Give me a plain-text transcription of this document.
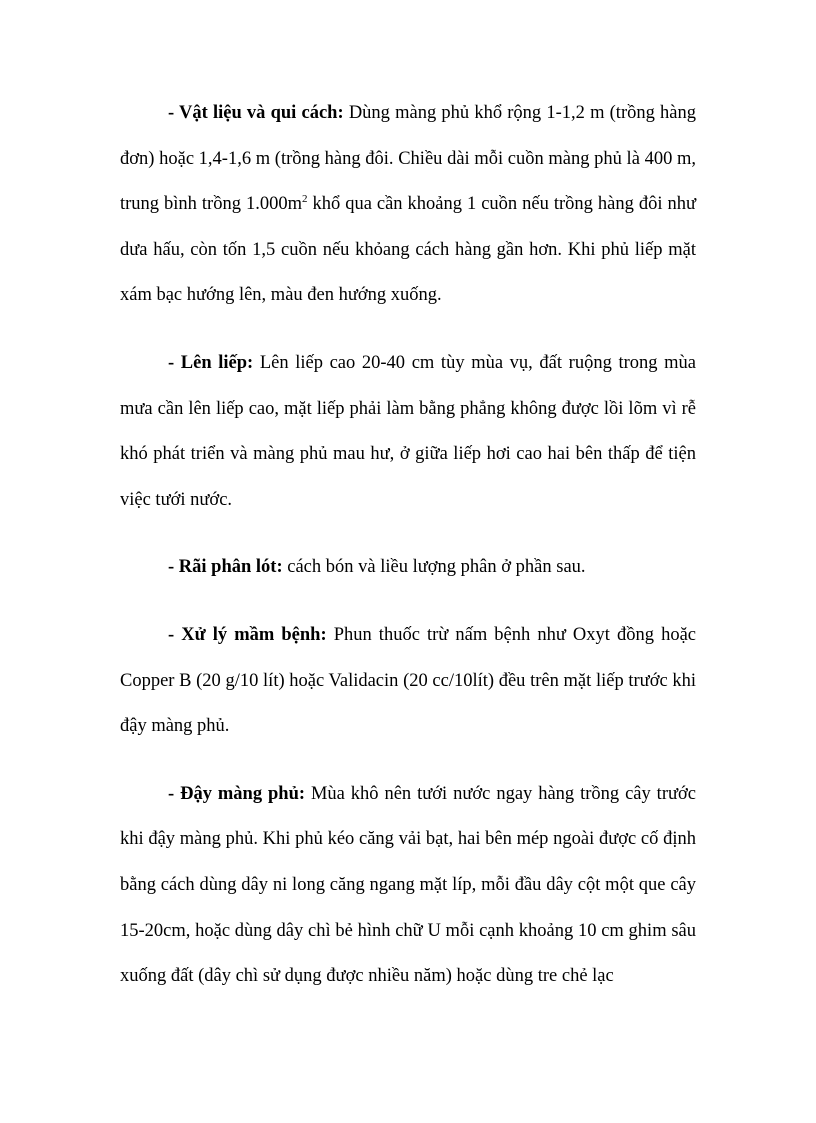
- Vật liệu và qui cách: Dùng màng phủ khổ rộng 1-1,2 m (trồng hàng đơn) hoặc 1,4-1,6 m (trồng hàng đôi. Chiều dài mỗi cuồn màng phủ là 400 m, trung bình trồng $1.000m^2$ khổ qua cần khoảng 1 cuồn nếu trồng hàng đôi như dưa hấu, còn tốn 1,5 cuồn nếu khỏang cách hàng gần hơn. Khi phủ liếp mặt xám bạc hướng lên, màu đen hướng xuống.

- Lên liếp: Lên liếp cao 20-40 cm tùy mùa vụ, đất ruộng trong mùa mưa cần lên liếp cao, mặt liếp phải làm bằng phẳng không được lồi lõm vì rễ khó phát triển và màng phủ mau hư, ở giữa liếp hơi cao hai bên thấp để tiện việc tưới nước.

- Rãi phân lót: cách bón và liều lượng phân ở phần sau.

- Xử lý mầm bệnh: Phun thuốc trừ nấm bệnh như Oxyt đồng hoặc Copper B (20 g/10 lít) hoặc Validacin (20 cc/10lít) đều trên mặt liếp trước khi đậy màng phủ.

- Đậy màng phủ: Mùa khô nên tưới nước ngay hàng trồng cây trước khi đậy màng phủ. Khi phủ kéo căng vải bạt, hai bên mép ngoài được cố định bằng cách dùng dây ni long căng ngang mặt líp, mỗi đầu dây cột một que cây 15-20cm, hoặc dùng dây chì bẻ hình chữ U mỗi cạnh khoảng 10 cm ghim sâu xuống đất (dây chì sử dụng được nhiều năm) hoặc dùng tre chẻ lạc
